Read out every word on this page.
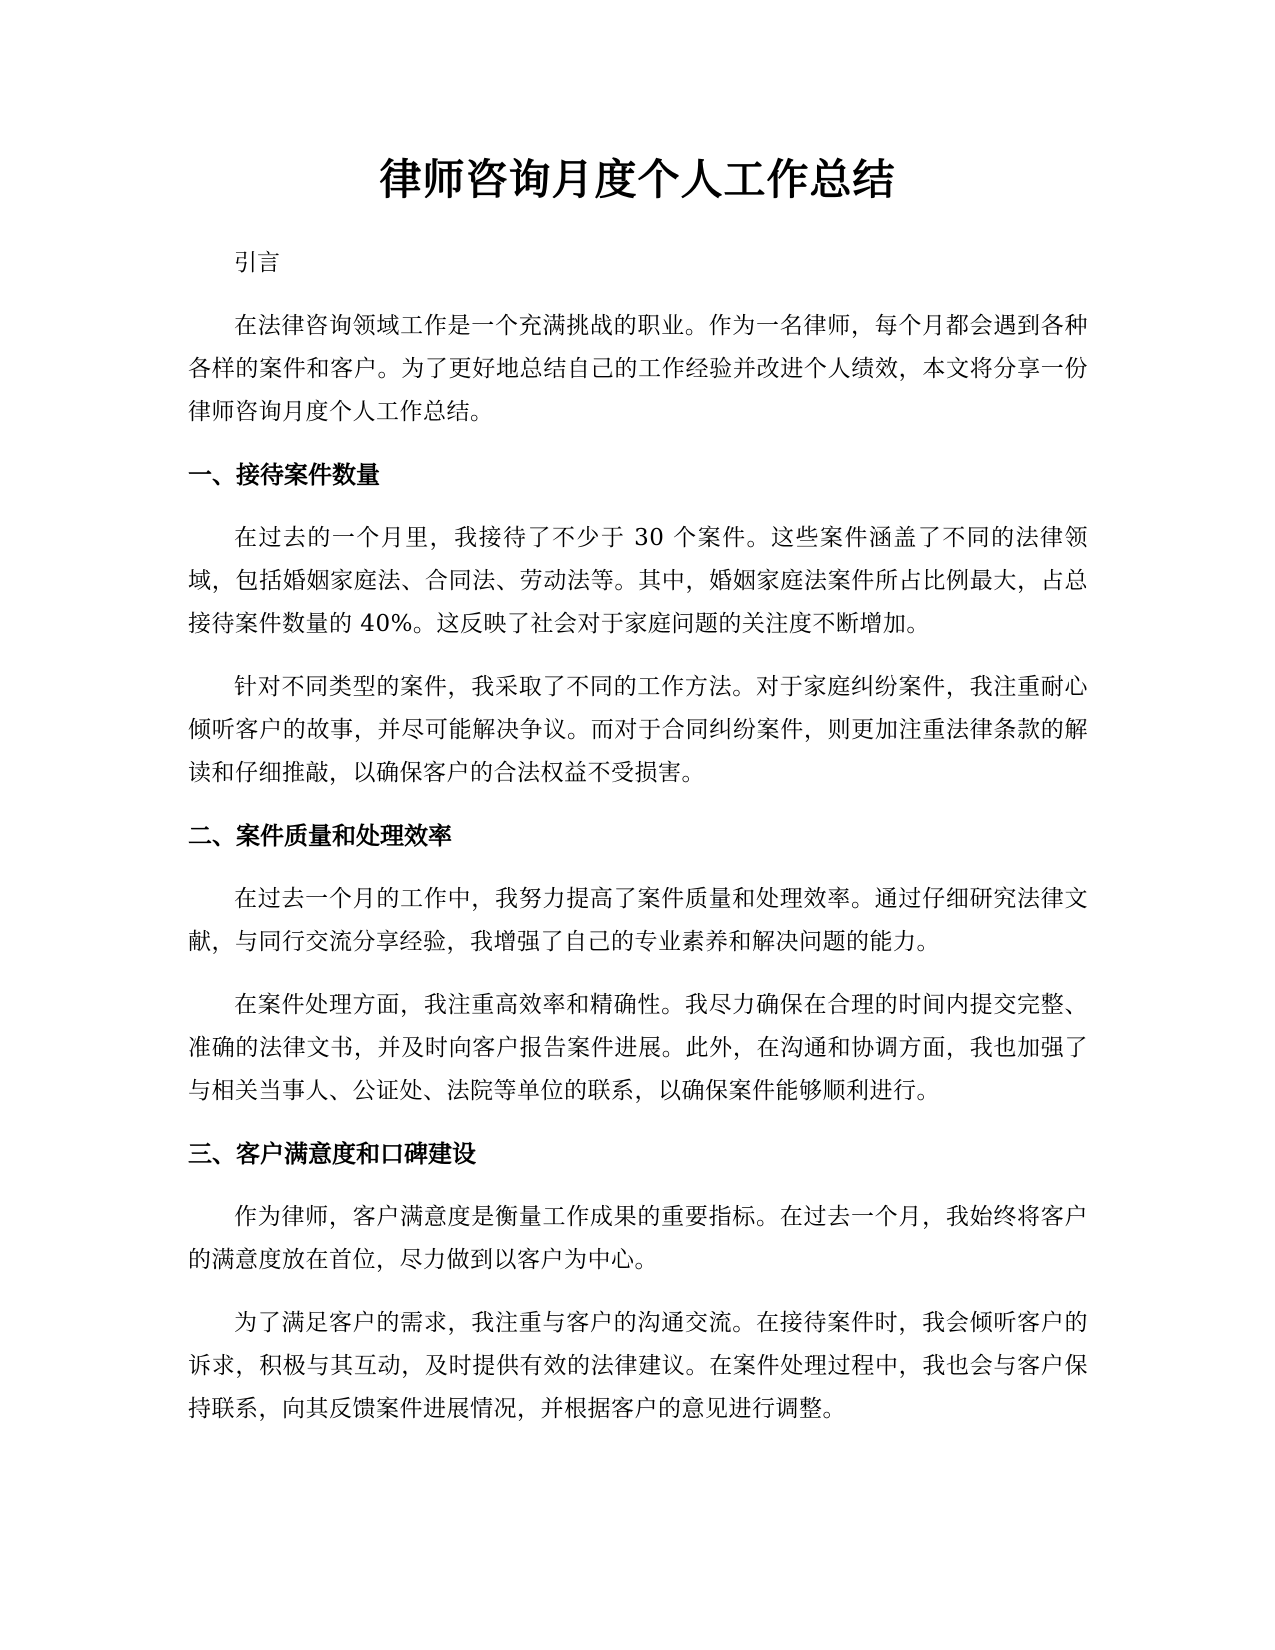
律师咨询月度个人工作总结

引言

在法律咨询领域工作是一个充满挑战的职业。作为一名律师，每个月都会遇到各种各样的案件和客户。为了更好地总结自己的工作经验并改进个人绩效，本文将分享一份律师咨询月度个人工作总结。

一、接待案件数量

在过去的一个月里，我接待了不少于 30 个案件。这些案件涵盖了不同的法律领域，包括婚姻家庭法、合同法、劳动法等。其中，婚姻家庭法案件所占比例最大，占总接待案件数量的 40%。这反映了社会对于家庭问题的关注度不断增加。

针对不同类型的案件，我采取了不同的工作方法。对于家庭纠纷案件，我注重耐心倾听客户的故事，并尽可能解决争议。而对于合同纠纷案件，则更加注重法律条款的解读和仔细推敲，以确保客户的合法权益不受损害。

二、案件质量和处理效率

在过去一个月的工作中，我努力提高了案件质量和处理效率。通过仔细研究法律文献，与同行交流分享经验，我增强了自己的专业素养和解决问题的能力。

在案件处理方面，我注重高效率和精确性。我尽力确保在合理的时间内提交完整、准确的法律文书，并及时向客户报告案件进展。此外，在沟通和协调方面，我也加强了与相关当事人、公证处、法院等单位的联系，以确保案件能够顺利进行。

三、客户满意度和口碑建设

作为律师，客户满意度是衡量工作成果的重要指标。在过去一个月，我始终将客户的满意度放在首位，尽力做到以客户为中心。

为了满足客户的需求，我注重与客户的沟通交流。在接待案件时，我会倾听客户的诉求，积极与其互动，及时提供有效的法律建议。在案件处理过程中，我也会与客户保持联系，向其反馈案件进展情况，并根据客户的意见进行调整。
